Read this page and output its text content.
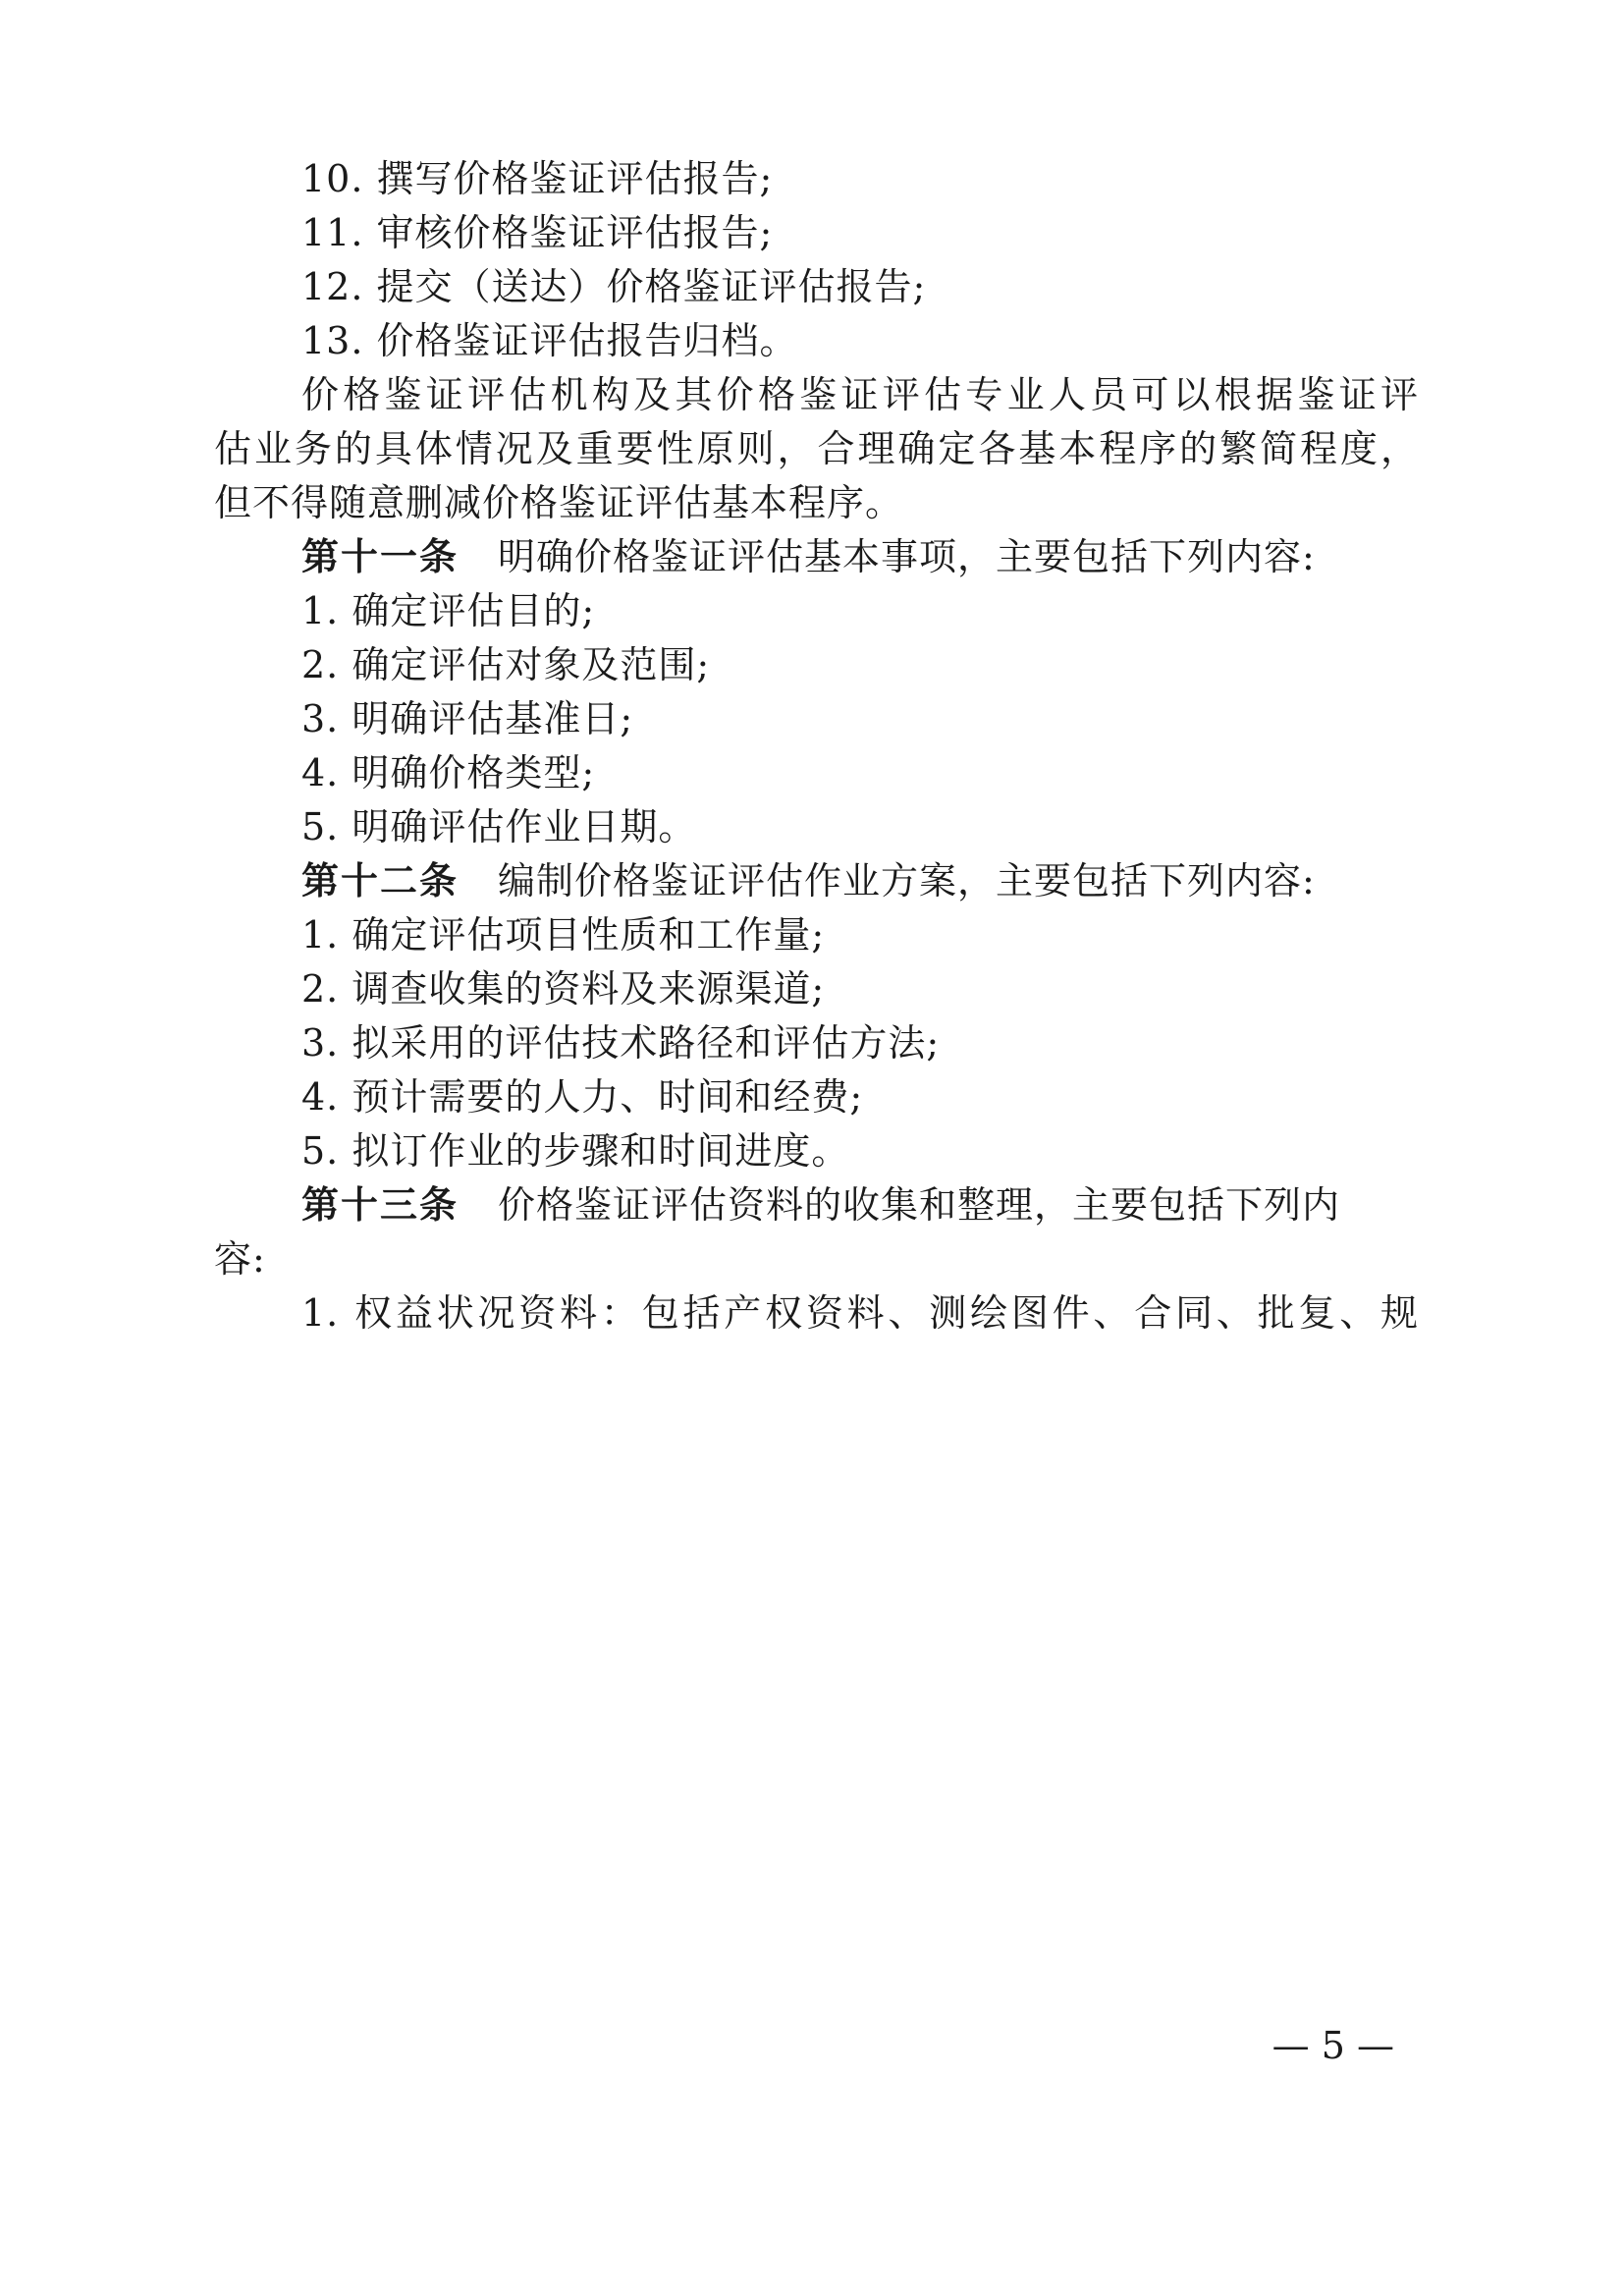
10. 撰写价格鉴证评估报告;
11. 审核价格鉴证评估报告;
12. 提交（送达）价格鉴证评估报告;
13. 价格鉴证评估报告归档。
价格鉴证评估机构及其价格鉴证评估专业人员可以根据鉴证评
估业务的具体情况及重要性原则，合理确定各基本程序的繁简程度，
但不得随意删减价格鉴证评估基本程序。
第十一条 明确价格鉴证评估基本事项，主要包括下列内容:
1. 确定评估目的;
2. 确定评估对象及范围;
3. 明确评估基准日;
4. 明确价格类型;
5. 明确评估作业日期。
第十二条 编制价格鉴证评估作业方案，主要包括下列内容:
1. 确定评估项目性质和工作量;
2. 调查收集的资料及来源渠道;
3. 拟采用的评估技术路径和评估方法;
4. 预计需要的人力、时间和经费;
5. 拟订作业的步骤和时间进度。
第十三条 价格鉴证评估资料的收集和整理，主要包括下列内
容:
1. 权益状况资料：包括产权资料、测绘图件、合同、批复、规
— 5 —
